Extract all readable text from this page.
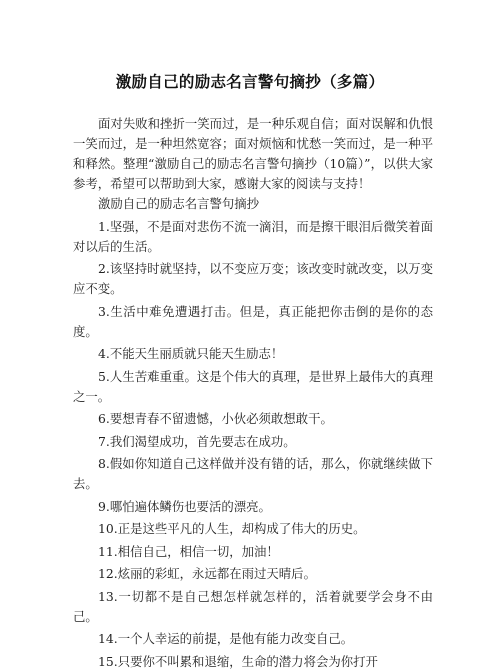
激励自己的励志名言警句摘抄（多篇）

面对失败和挫折一笑而过，是一种乐观自信；面对误解和仇恨一笑而过，是一种坦然宽容；面对烦恼和忧愁一笑而过，是一种平和释然。整理“激励自己的励志名言警句摘抄（10篇）”，以供大家参考，希望可以帮助到大家，感谢大家的阅读与支持！

激励自己的励志名言警句摘抄

1.坚强，不是面对悲伤不流一滴泪，而是擦干眼泪后微笑着面对以后的生活。

2.该坚持时就坚持，以不变应万变；该改变时就改变，以万变应不变。

3.生活中难免遭遇打击。但是，真正能把你击倒的是你的态度。

4.不能天生丽质就只能天生励志！

5.人生苦难重重。这是个伟大的真理，是世界上最伟大的真理之一。

6.要想青春不留遗憾，小伙必须敢想敢干。

7.我们渴望成功，首先要志在成功。

8.假如你知道自己这样做并没有错的话，那么，你就继续做下去。

9.哪怕遍体鳞伤也要活的漂亮。

10.正是这些平凡的人生，却构成了伟大的历史。

11.相信自己，相信一切，加油！

12.炫丽的彩虹，永远都在雨过天晴后。

13.一切都不是自己想怎样就怎样的，活着就要学会身不由己。

14.一个人幸运的前提，是他有能力改变自己。

15.只要你不叫累和退缩，生命的潜力将会为你打开
